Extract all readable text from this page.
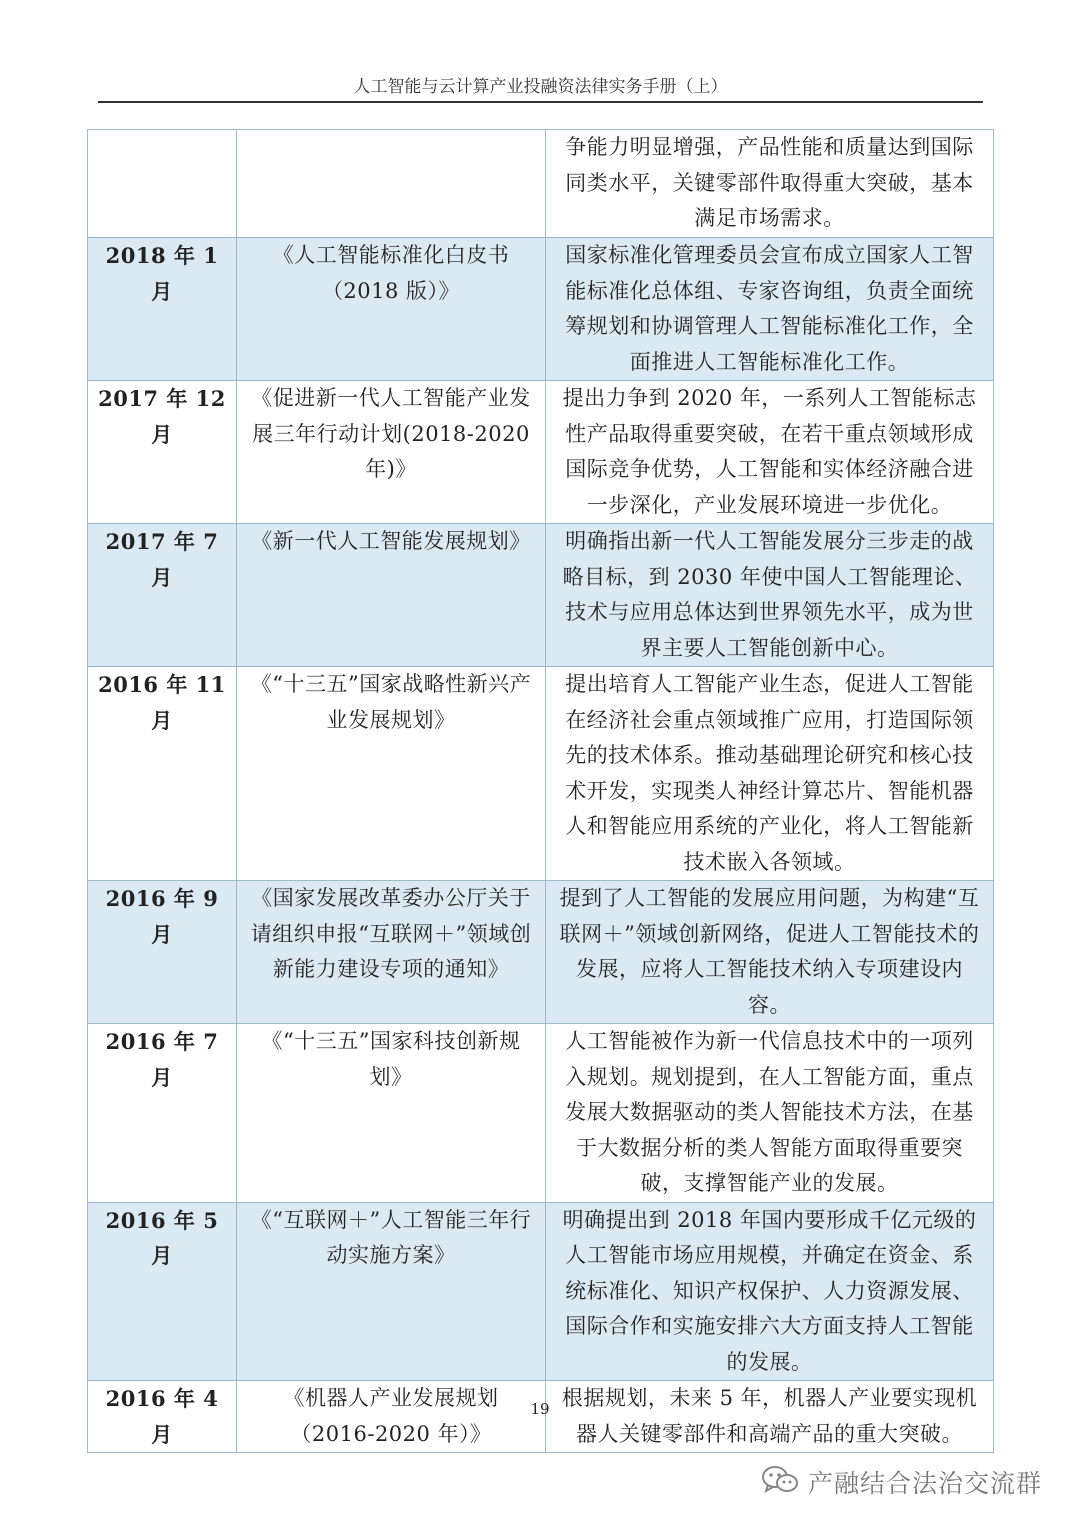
人工智能与云计算产业投融资法律实务手册（上）
		争能力明显增强，产品性能和质量达到国际同类水平，关键零部件取得重大突破，基本满足市场需求。
2018 年 1 月	《人工智能标准化白皮书（2018 版）》	国家标准化管理委员会宣布成立国家人工智能标准化总体组、专家咨询组，负责全面统筹规划和协调管理人工智能标准化工作，全面推进人工智能标准化工作。
2017 年 12 月	《促进新一代人工智能产业发展三年行动计划(2018-2020 年)》	提出力争到 2020 年，一系列人工智能标志性产品取得重要突破，在若干重点领域形成国际竞争优势，人工智能和实体经济融合进一步深化，产业发展环境进一步优化。
2017 年 7 月	《新一代人工智能发展规划》	明确指出新一代人工智能发展分三步走的战略目标，到 2030 年使中国人工智能理论、技术与应用总体达到世界领先水平，成为世界主要人工智能创新中心。
2016 年 11 月	《“十三五”国家战略性新兴产业发展规划》	提出培育人工智能产业生态，促进人工智能在经济社会重点领域推广应用，打造国际领先的技术体系。推动基础理论研究和核心技术开发，实现类人神经计算芯片、智能机器人和智能应用系统的产业化，将人工智能新技术嵌入各领域。
2016 年 9 月	《国家发展改革委办公厅关于请组织申报“互联网＋”领域创新能力建设专项的通知》	提到了人工智能的发展应用问题，为构建“互联网＋”领域创新网络，促进人工智能技术的发展，应将人工智能技术纳入专项建设内容。
2016 年 7 月	《“十三五”国家科技创新规划》	人工智能被作为新一代信息技术中的一项列入规划。规划提到，在人工智能方面，重点发展大数据驱动的类人智能技术方法，在基于大数据分析的类人智能方面取得重要突破，支撑智能产业的发展。
2016 年 5 月	《“互联网＋”人工智能三年行动实施方案》	明确提出到 2018 年国内要形成千亿元级的人工智能市场应用规模，并确定在资金、系统标准化、知识产权保护、人力资源发展、国际合作和实施安排六大方面支持人工智能的发展。
2016 年 4 月	《机器人产业发展规划（2016-2020 年）》	根据规划，未来 5 年，机器人产业要实现机器人关键零部件和高端产品的重大突破。
19
产融结合法治交流群
